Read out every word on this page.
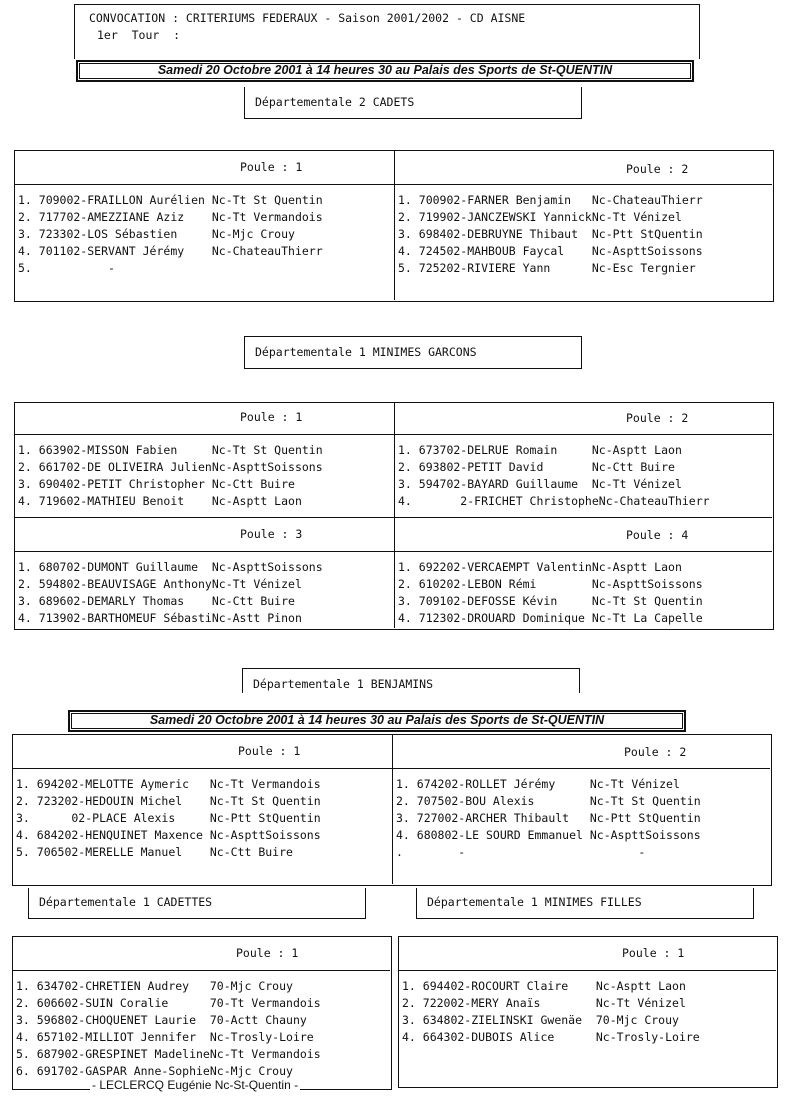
CONVOCATION : CRITERIUMS FEDERAUX - Saison 2001/2002 - CD AISNE
1er  Tour  :
Samedi 20 Octobre 2001 à 14 heures 30 au Palais des Sports de St-QUENTIN
Départementale 2 CADETS
Poule : 1	Poule : 2
1. 709002-FRAILLON Aurélien Nc-Tt St Quentin
2. 717702-AMEZZIANE Aziz    Nc-Tt Vermandois
3. 723302-LOS Sébastien     Nc-Mjc Crouy
4. 701102-SERVANT Jérémy    Nc-ChateauThierr
5.           -
1. 700902-FARNER Benjamin   Nc-ChateauThierr
2. 719902-JANCZEWSKI YannickNc-Tt Vénizel
3. 698402-DEBRUYNE Thibaut  Nc-Ptt StQuentin
4. 724502-MAHBOUB Faycal    Nc-AspttSoissons
5. 725202-RIVIERE Yann      Nc-Esc Tergnier
Départementale 1 MINIMES GARCONS
Poule : 1	Poule : 2
1. 663902-MISSON Fabien     Nc-Tt St Quentin
2. 661702-DE OLIVEIRA JulienNc-AspttSoissons
3. 690402-PETIT Christopher Nc-Ctt Buire
4. 719602-MATHIEU Benoit    Nc-Asptt Laon
1. 673702-DELRUE Romain     Nc-Asptt Laon
2. 693802-PETIT David       Nc-Ctt Buire
3. 594702-BAYARD Guillaume  Nc-Tt Vénizel
4.       2-FRICHET ChristopheNc-ChateauThierr
Poule : 3	Poule : 4
1. 680702-DUMONT Guillaume  Nc-AspttSoissons
2. 594802-BEAUVISAGE AnthonyNc-Tt Vénizel
3. 689602-DEMARLY Thomas    Nc-Ctt Buire
4. 713902-BARTHOMEUF SébastiNc-Astt Pinon
1. 692202-VERCAEMPT ValentinNc-Asptt Laon
2. 610202-LEBON Rémi        Nc-AspttSoissons
3. 709102-DEFOSSE Kévin     Nc-Tt St Quentin
4. 712302-DROUARD Dominique Nc-Tt La Capelle
Départementale 1 BENJAMINS
Samedi 20 Octobre 2001 à 14 heures 30 au Palais des Sports de St-QUENTIN
Poule : 1	Poule : 2
1. 694202-MELOTTE Aymeric   Nc-Tt Vermandois
2. 723202-HEDOUIN Michel    Nc-Tt St Quentin
3.      02-PLACE Alexis     Nc-Ptt StQuentin
4. 684202-HENQUINET Maxence Nc-AspttSoissons
5. 706502-MERELLE Manuel    Nc-Ctt Buire
1. 674202-ROLLET Jérémy     Nc-Tt Vénizel
2. 707502-BOU Alexis        Nc-Tt St Quentin
3. 727002-ARCHER Thibault   Nc-Ptt StQuentin
4. 680802-LE SOURD Emmanuel Nc-AspttSoissons
.        -                         -
Départementale 1 CADETTES	Départementale 1 MINIMES FILLES
Poule : 1
1. 634702-CHRETIEN Audrey   70-Mjc Crouy
2. 606602-SUIN Coralie      70-Tt Vermandois
3. 596802-CHOQUENET Laurie  70-Actt Chauny
4. 657102-MILLIOT Jennifer  Nc-Trosly-Loire
5. 687902-GRESPINET MadelineNc-Tt Vermandois
6. 691702-GASPAR Anne-SophieNc-Mjc Crouy
- LECLERCQ Eugénie Nc-St-Quentin -
Poule : 1
1. 694402-ROCOURT Claire    Nc-Asptt Laon
2. 722002-MERY Anaïs        Nc-Tt Vénizel
3. 634802-ZIELINSKI Gwenäe  70-Mjc Crouy
4. 664302-DUBOIS Alice      Nc-Trosly-Loire
